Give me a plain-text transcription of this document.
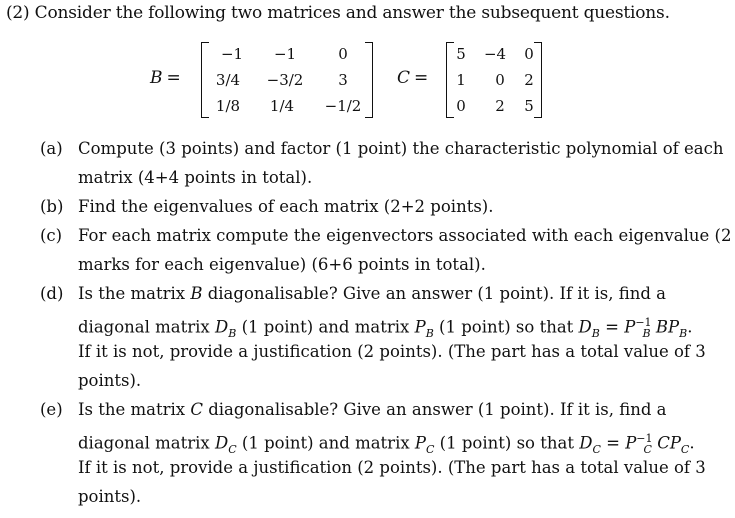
(2) Consider the following two matrices and answer the subsequent questions.
B =
−1	−1	0
3/4	−3/2	3
1/8	1/4	−1/2
C =
5	−4	0
1	0	2
0	2	5
(a) Compute (3 points) and factor (1 point) the characteristic polynomial of each
matrix (4+4 points in total).
(b) Find the eigenvalues of each matrix (2+2 points).
(c) For each matrix compute the eigenvectors associated with each eigenvalue (2
marks for each eigenvalue) (6+6 points in total).
(d) Is the matrix B diagonalisable? Give an answer (1 point). If it is, find a
diagonal matrix $D_B$ (1 point) and matrix $P_B$ (1 point) so that $D_B = P^{-1}_B$ $BP_B$.
If it is not, provide a justification (2 points). (The part has a total value of 3
points).
(e) Is the matrix C diagonalisable? Give an answer (1 point). If it is, find a
diagonal matrix $D_C$ (1 point) and matrix $P_C$ (1 point) so that $D_C = P^{-1}_C$ $CP_C$.
If it is not, provide a justification (2 points). (The part has a total value of 3
points).
